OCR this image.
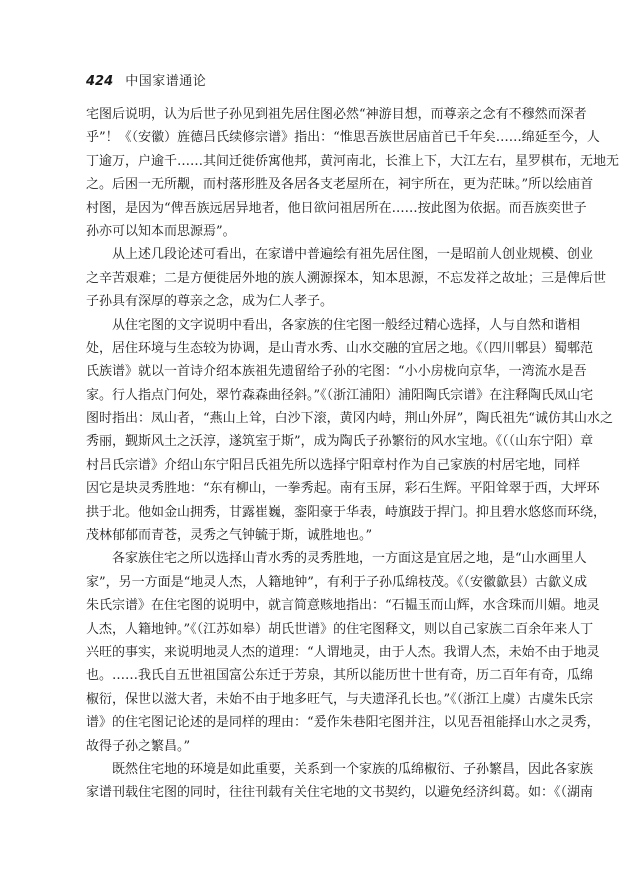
424 中国家谱通论
宅图后说明，认为后世子孙见到祖先居住图必然“神游目想，而尊亲之念有不穆然而深者
乎”！《（安徽）旌德吕氏续修宗谱》指出：“惟思吾族世居庙首已千年矣……绵延至今，人
丁逾万，户逾千……其间迁徙侨寓他邦，黄河南北，长淮上下，大江左右，星罗棋布，无地无
之。后困一无所觏，而村落形胜及各居各支老屋所在，祠宇所在，更为茫昧。”所以绘庙首
村图，是因为“俾吾族远居异地者，他日欲问祖居所在……按此图为依据。而吾族奕世子
孙亦可以知本而思源焉”。
从上述几段论述可看出，在家谱中普遍绘有祖先居住图，一是昭前人创业规模、创业
之辛苦艰难；二是方便徙居外地的族人溯源探本，知本思源，不忘发祥之故址；三是俾后世
子孙具有深厚的尊亲之念，成为仁人孝子。
从住宅图的文字说明中看出，各家族的住宅图一般经过精心选择，人与自然和谐相
处，居住环境与生态较为协调，是山青水秀、山水交融的宜居之地。《（四川郫县）蜀郫范
氏族谱》就以一首诗介绍本族祖先遗留给子孙的宅图：“小小房栊向京华，一湾流水是吾
家。行人指点门何处，翠竹森森曲径斜。”《（浙江浦阳）浦阳陶氏宗谱》在注释陶氏凤山宅
图时指出：凤山者，“燕山上耸，白沙下滚，黄冈内峙，荆山外屏”，陶氏祖先“诚仿其山水之
秀丽，觐斯风土之沃淳，遂筑室于斯”，成为陶氏子孙繁衍的风水宝地。《（（山东宁阳）章
村吕氏宗谱》介绍山东宁阳吕氏祖先所以选择宁阳章村作为自己家族的村居宅地，同样
因它是块灵秀胜地：“东有柳山，一拳秀起。南有玉屏，彩石生辉。平阳耸翠于西，大坪环
拱于北。他如金山拥秀，甘露崔巍，銮阳豪于华表，峙旗跂于捍门。抑且碧水悠悠而环绕，
茂林郁郁而青苍，灵秀之气钟毓于斯，诚胜地也。”
各家族住宅之所以选择山青水秀的灵秀胜地，一方面这是宜居之地，是“山水画里人
家”，另一方面是“地灵人杰，人籍地钟”，有利于子孙瓜绵枝茂。《（安徽歙县）古歙义成
朱氏宗谱》在住宅图的说明中，就言简意赅地指出：“石韫玉而山辉，水含珠而川媚。地灵
人杰，人籍地钟。”《（江苏如皋）胡氏世谱》的住宅图释文，则以自己家族二百余年来人丁
兴旺的事实，来说明地灵人杰的道理：“人谓地灵，由于人杰。我谓人杰，未始不由于地灵
也。……我氏自五世祖国富公东迁于芳泉，其所以能历世十世有奇，历二百年有奇，瓜绵
椒衍，保世以滋大者，未始不由于地多旺气，与夫遗泽孔长也。”《（浙江上虞）古虞朱氏宗
谱》的住宅图记论述的是同样的理由：“爰作朱巷阳宅图并注，以见吾祖能择山水之灵秀，
故得子孙之繁昌。”
既然住宅地的环境是如此重要，关系到一个家族的瓜绵椒衍、子孙繁昌，因此各家族
家谱刊载住宅图的同时，往往刊载有关住宅地的文书契约，以避免经济纠葛。如：《（湖南
